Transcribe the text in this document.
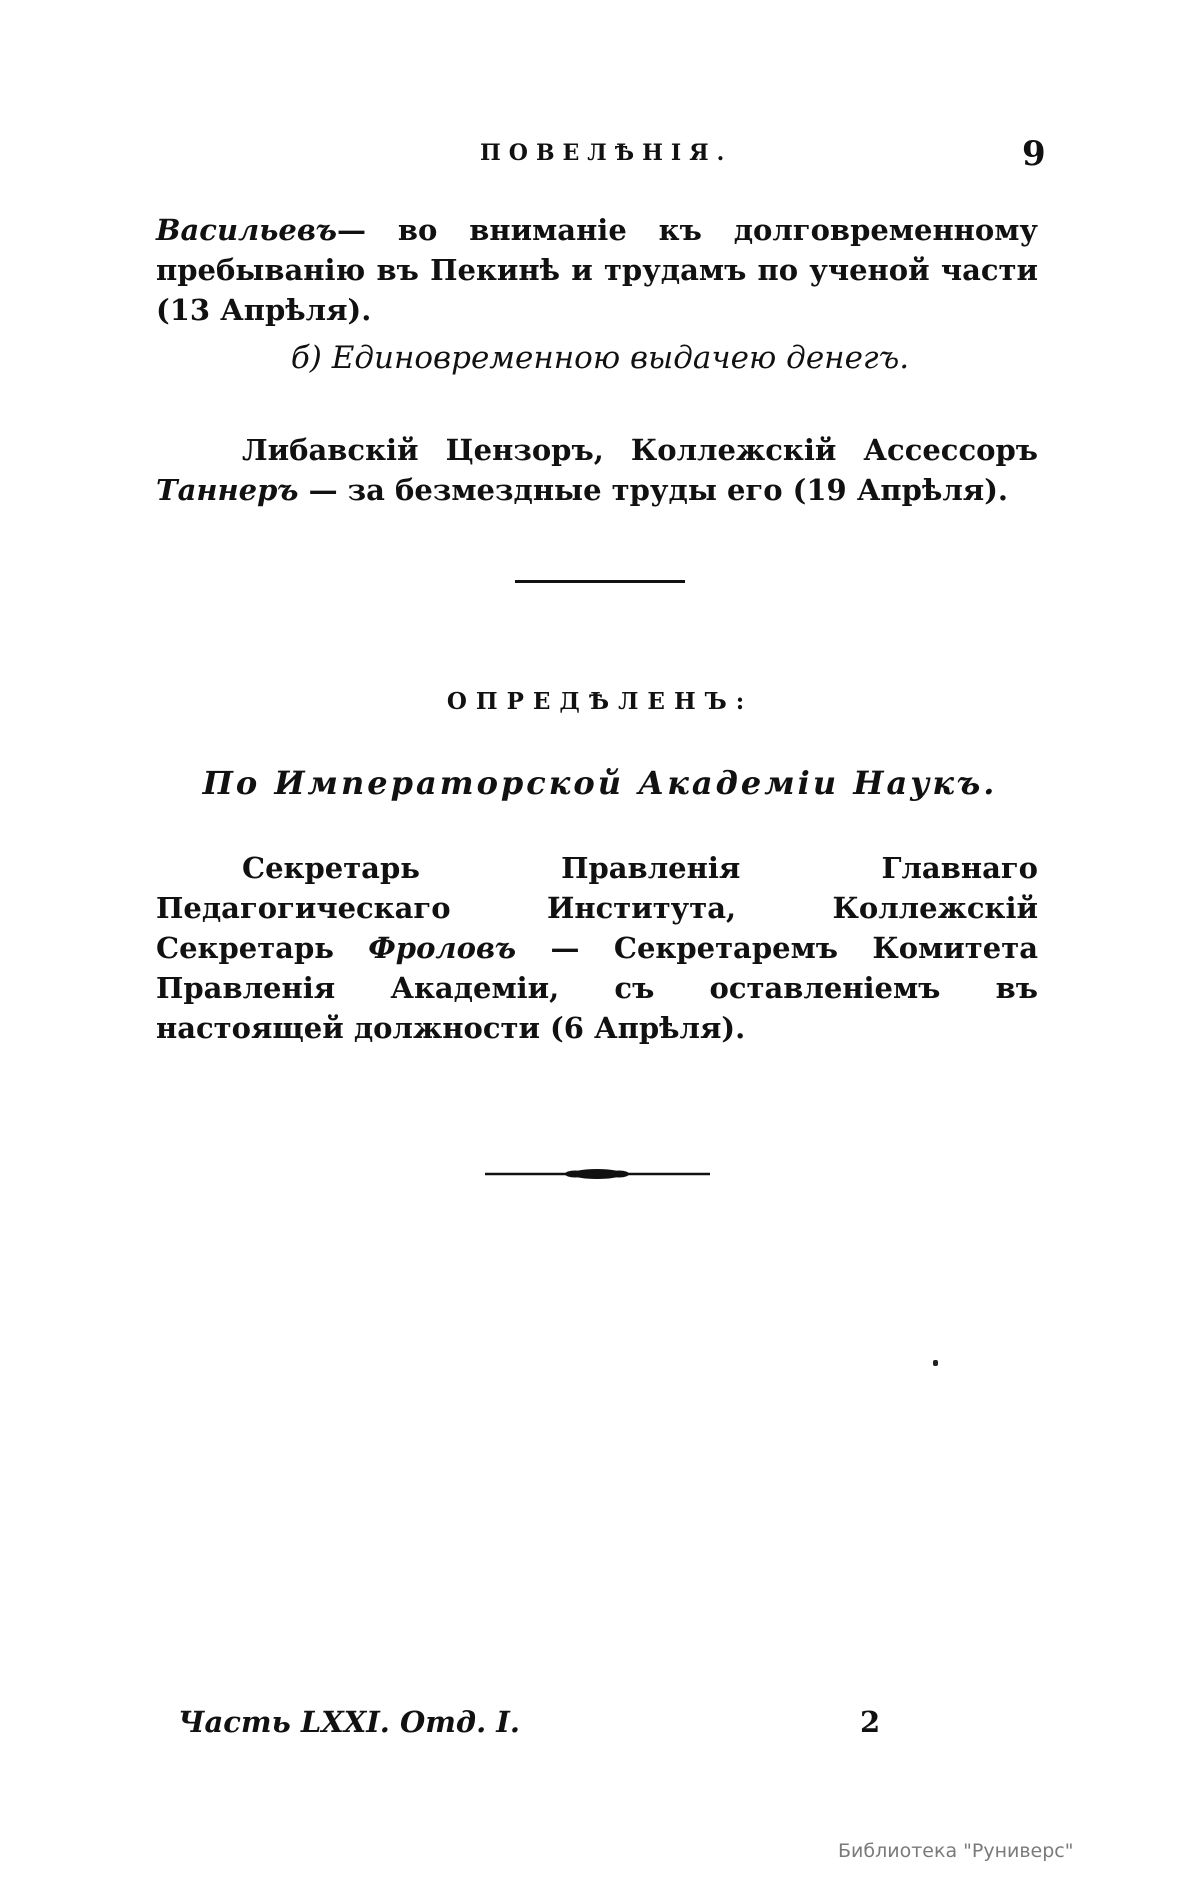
ПОВЕЛѢНІЯ.	9
Васильевъ— во вниманіе къ долговременному пребыванію въ Пекинѣ и трудамъ по ученой части (13 Апрѣля).
б) Единовременною выдачею денегъ.
Либавскій Цензоръ, Коллежскій Ассессоръ Таннеръ — за безмездные труды его (19 Апрѣля).
ОПРЕДѢЛЕНЪ:
По Императорской Академіи Наукъ.
Секретарь Правленія Главнаго Педагогическаго Института, Коллежскій Секретарь Фроловъ — Секретаремъ Комитета Правленія Академіи, съ оставленіемъ въ настоящей должности (6 Апрѣля).
Часть LXXI. Отд. I.	2
Библиотека "Руниверс"
